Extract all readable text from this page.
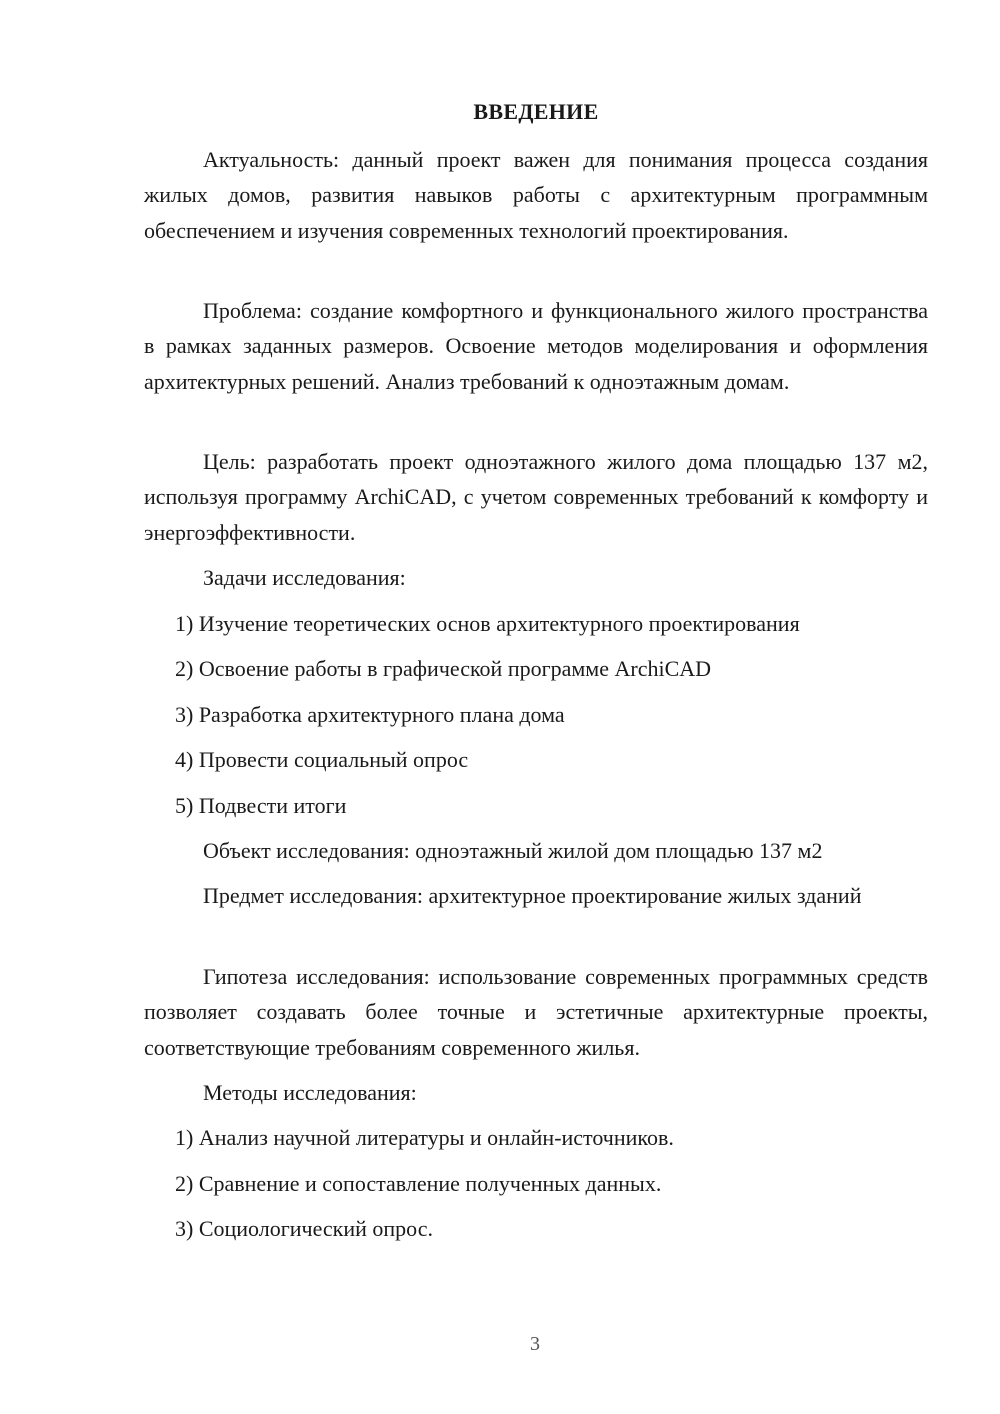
ВВЕДЕНИЕ

Актуальность: данный проект важен для понимания процесса создания жилых домов, развития навыков работы с архитектурным программным обеспечением и изучения современных технологий проектирования.

Проблема: создание комфортного и функционального жилого пространства в рамках заданных размеров. Освоение методов моделирования и оформления архитектурных решений. Анализ требований к одноэтажным домам.

Цель: разработать проект одноэтажного жилого дома площадью 137 м2, используя программу ArchiCAD, с учетом современных требований к комфорту и энергоэффективности.

Задачи исследования:
1) Изучение теоретических основ архитектурного проектирования
2) Освоение работы в графической программе ArchiCAD
3) Разработка архитектурного плана дома
4) Провести социальный опрос
5) Подвести итоги
Объект исследования: одноэтажный жилой дом площадью 137 м2

Предмет исследования: архитектурное проектирование жилых зданий

Гипотеза исследования: использование современных программных средств позволяет создавать более точные и эстетичные архитектурные проекты, соответствующие требованиям современного жилья.

Методы исследования:
1) Анализ научной литературы и онлайн-источников.
2) Сравнение и сопоставление полученных данных.
3) Социологический опрос.
3
